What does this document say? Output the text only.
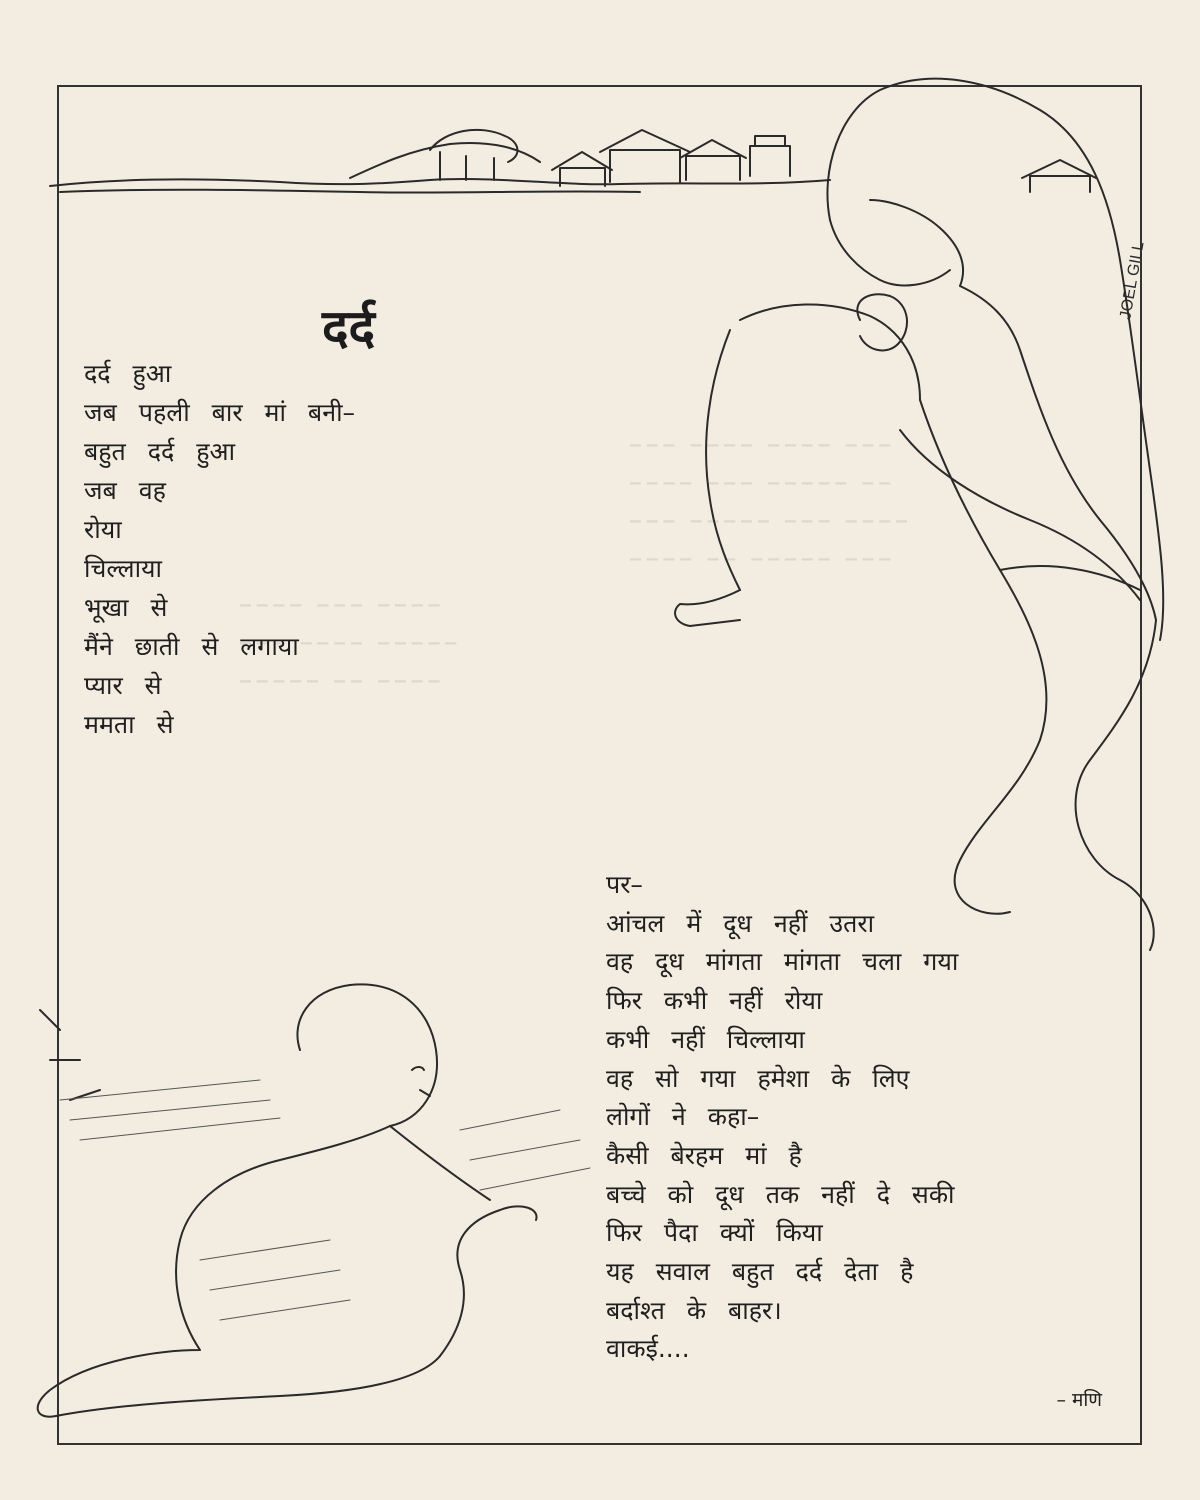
▁▁▁ ▁▁▁▁ ▁▁▁▁ ▁▁▁
▁▁▁▁ ▁▁▁ ▁▁▁▁▁ ▁▁
▁▁▁ ▁▁▁▁▁ ▁▁▁ ▁▁▁▁
▁▁▁▁ ▁▁ ▁▁▁▁▁ ▁▁▁
▁▁▁▁ ▁▁▁ ▁▁▁▁
▁▁▁ ▁▁▁▁ ▁▁▁▁▁
▁▁▁▁▁ ▁▁ ▁▁▁▁
JOEL GILL
दर्द
दर्द हुआ
जब पहली बार मां बनी–
बहुत दर्द हुआ
जब वह
रोया
चिल्लाया
भूखा से
मैंने छाती से लगाया
प्यार से
ममता से
पर–
आंचल में दूध नहीं उतरा
वह दूध मांगता मांगता चला गया
फिर कभी नहीं रोया
कभी नहीं चिल्लाया
वह सो गया हमेशा के लिए
लोगों ने कहा–
कैसी बेरहम मां है
बच्चे को दूध तक नहीं दे सकी
फिर पैदा क्यों किया
यह सवाल बहुत दर्द देता है
बर्दाश्त के बाहर।
वाकई....
– मणि
